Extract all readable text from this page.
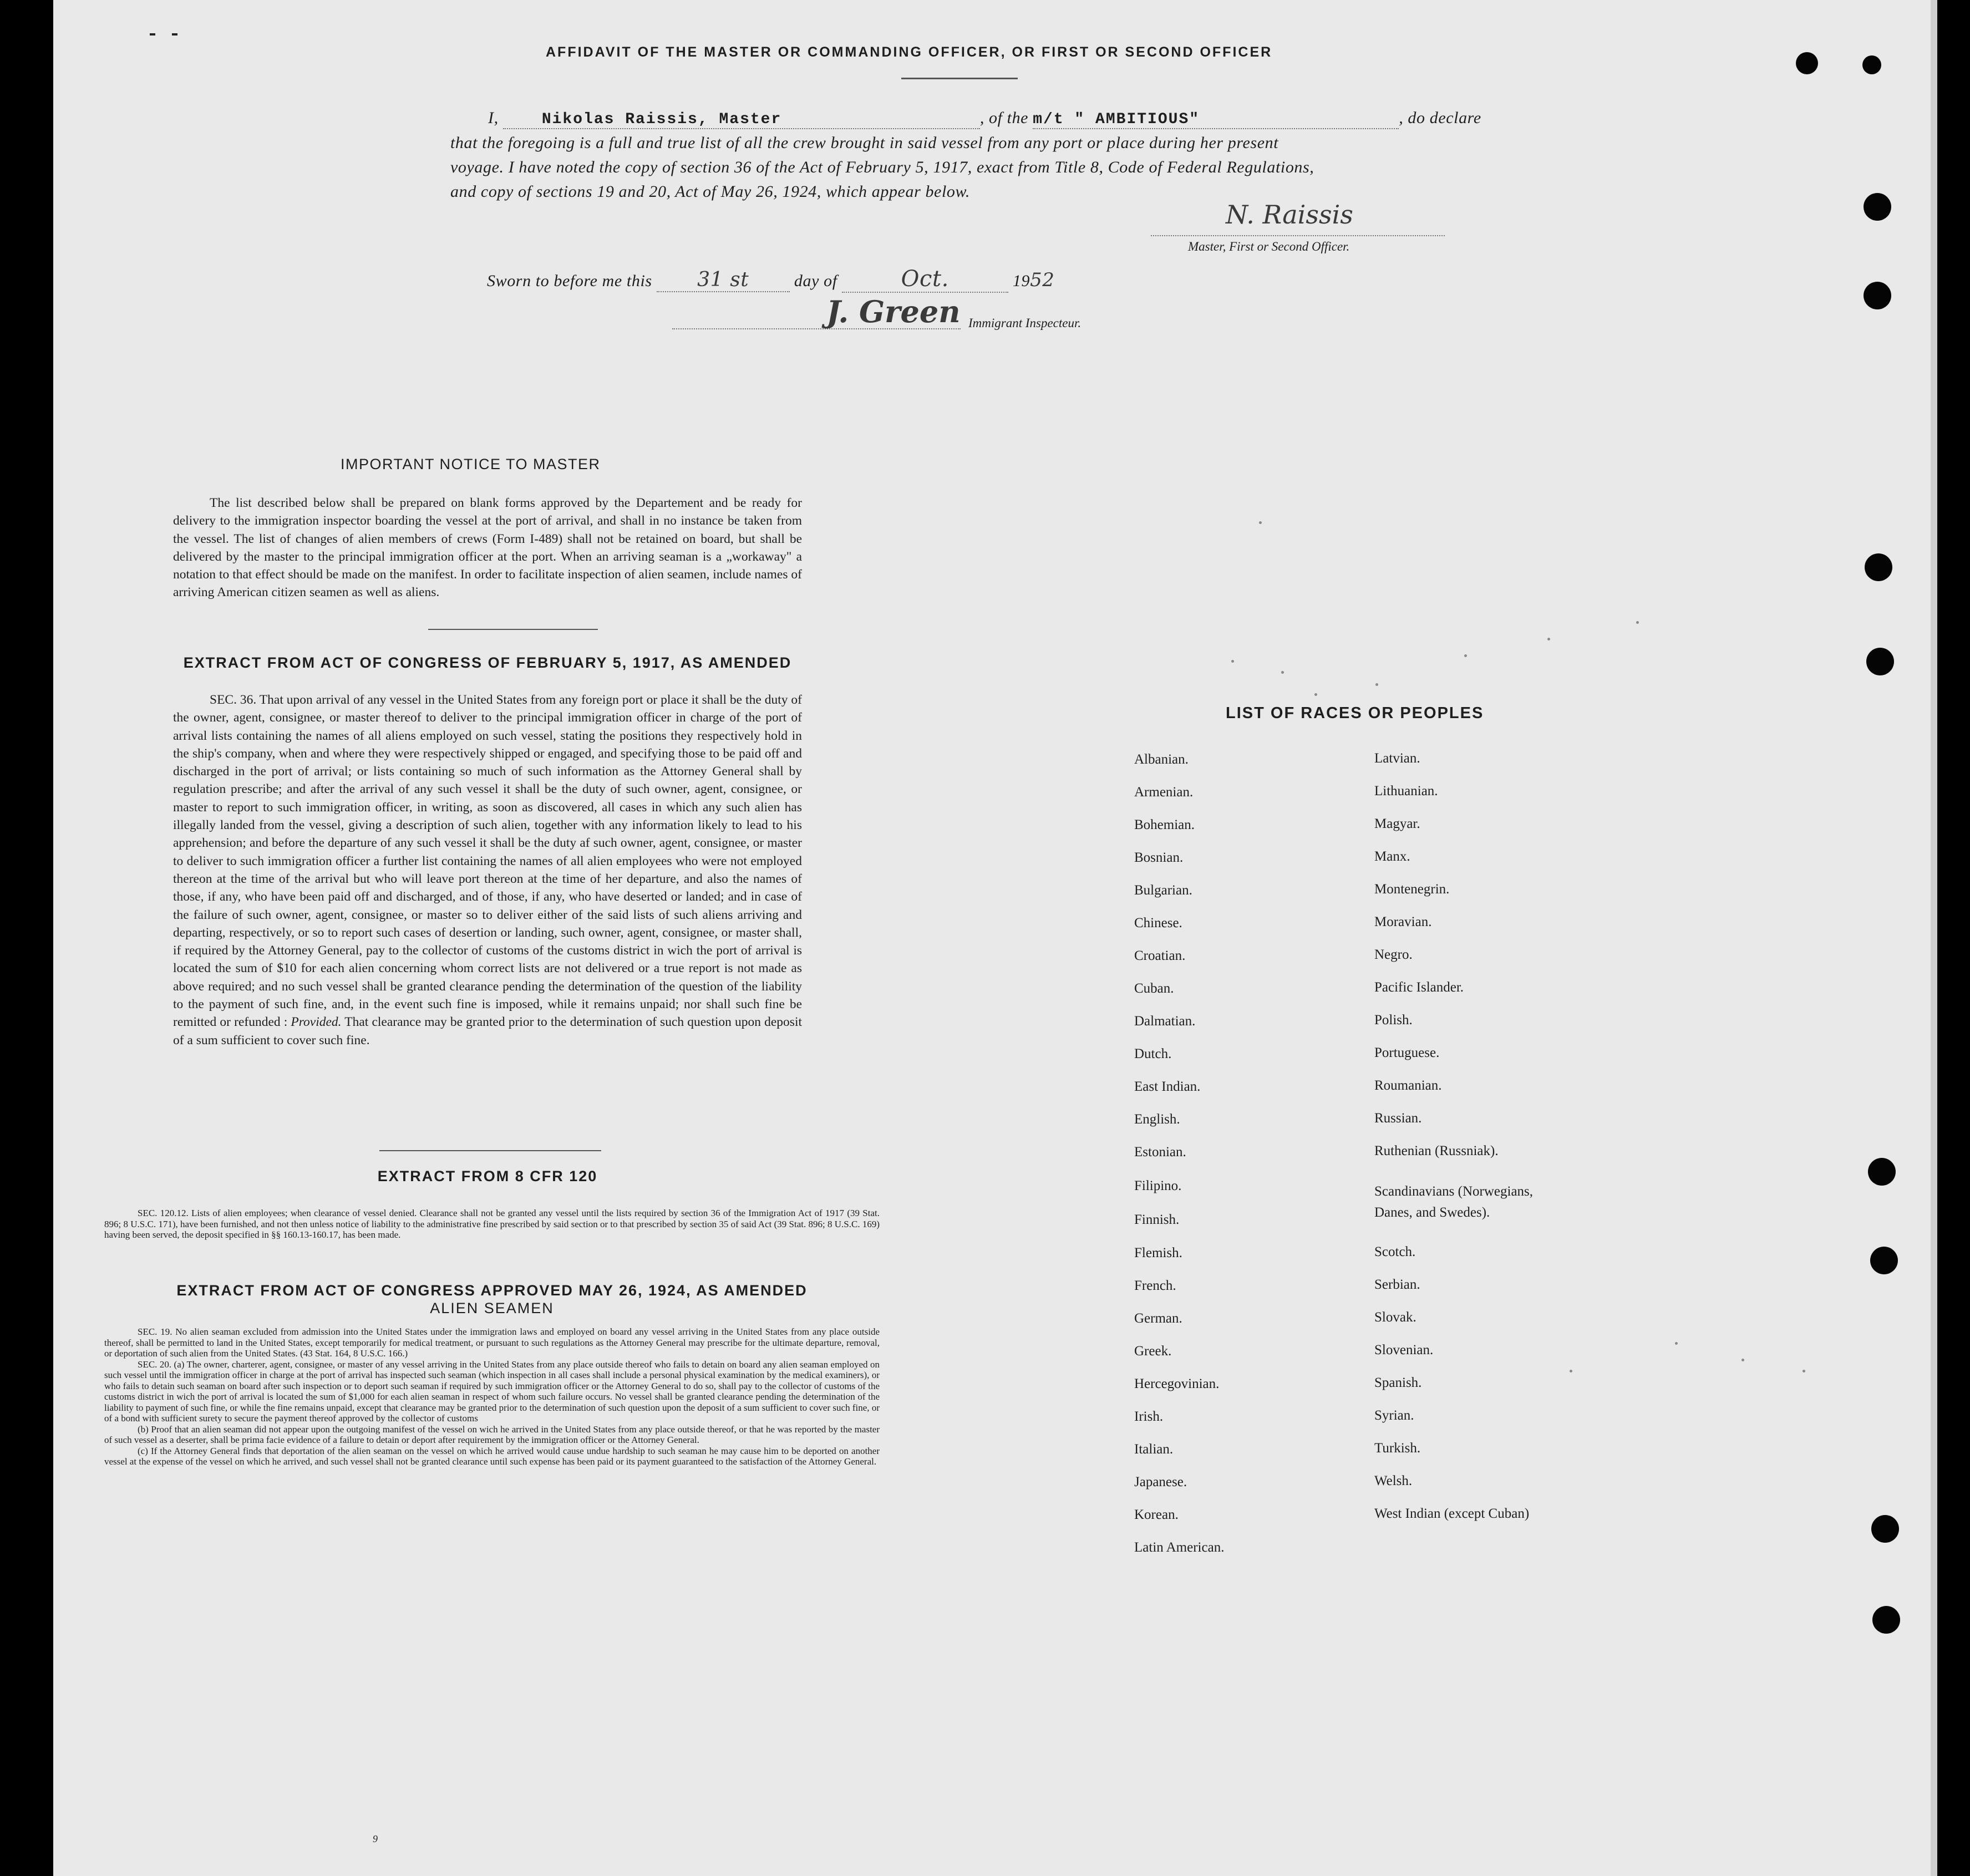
AFFIDAVIT OF THE MASTER OR COMMANDING OFFICER, OR FIRST OR SECOND OFFICER
I,	Nikolas Raissis, Master	, of the m/t " AMBITIOUS"	, do declare
that the foregoing is a full and true list of all the crew brought in said vessel from any port or place during her present
voyage. I have noted the copy of section 36 of the Act of February 5, 1917, exact from Title 8, Code of Federal Regulations,
and copy of sections 19 and 20, Act of May 26, 1924, which appear below.
N. Raissis
Master, First or Second Officer.
Sworn to before me this 31 st	day of	Oct.	1952
J. Green Immigrant Inspecteur.
IMPORTANT NOTICE TO MASTER

The list described below shall be prepared on blank forms approved by the Departement and be ready for delivery to the immigration inspector boarding the vessel at the port of arrival, and shall in no instance be taken from the vessel. The list of changes of alien members of crews (Form I-489) shall not be retained on board, but shall be delivered by the master to the principal immigration officer at the port. When an arriving seaman is a „workaway" a notation to that effect should be made on the manifest. In order to facilitate inspection of alien seamen, include names of arriving American citizen seamen as well as aliens.

EXTRACT FROM ACT OF CONGRESS OF FEBRUARY 5, 1917, AS AMENDED

SEC. 36. That upon arrival of any vessel in the United States from any foreign port or place it shall be the duty of the owner, agent, consignee, or master thereof to deliver to the principal immigration officer in charge of the port of arrival lists containing the names of all aliens employed on such vessel, stating the positions they respectively hold in the ship's company, when and where they were respectively shipped or engaged, and specifying those to be paid off and discharged in the port of arrival; or lists containing so much of such information as the Attorney General shall by regulation prescribe; and after the arrival of any such vessel it shall be the duty of such owner, agent, consignee, or master to report to such immigration officer, in writing, as soon as discovered, all cases in which any such alien has illegally landed from the vessel, giving a description of such alien, together with any information likely to lead to his apprehension; and before the departure of any such vessel it shall be the duty af such owner, agent, consignee, or master to deliver to such immigration officer a further list containing the names of all alien employees who were not employed thereon at the time of the arrival but who will leave port thereon at the time of her departure, and also the names of those, if any, who have been paid off and discharged, and of those, if any, who have deserted or landed; and in case of the failure of such owner, agent, consignee, or master so to deliver either of the said lists of such aliens arriving and departing, respectively, or so to report such cases of desertion or landing, such owner, agent, consignee, or master shall, if required by the Attorney General, pay to the collector of customs of the customs district in wich the port of arrival is located the sum of $10 for each alien concerning whom correct lists are not delivered or a true report is not made as above required; and no such vessel shall be granted clearance pending the determination of the question of the liability to the payment of such fine, and, in the event such fine is imposed, while it remains unpaid; nor shall such fine be remitted or refunded : Provided. That clearance may be granted prior to the determination of such question upon deposit of a sum sufficient to cover such fine.

EXTRACT FROM 8 CFR 120

SEC. 120.12. Lists of alien employees; when clearance of vessel denied. Clearance shall not be granted any vessel until the lists required by section 36 of the Immigration Act of 1917 (39 Stat. 896; 8 U.S.C. 171), have been furnished, and not then unless notice of liability to the administrative fine prescribed by said section or to that prescribed by section 35 of said Act (39 Stat. 896; 8 U.S.C. 169) having been served, the deposit specified in §§ 160.13-160.17, has been made.

EXTRACT FROM ACT OF CONGRESS APPROVED MAY 26, 1924, AS AMENDED
ALIEN SEAMEN

SEC. 19. No alien seaman excluded from admission into the United States under the immigration laws and employed on board any vessel arriving in the United States from any place outside thereof, shall be permitted to land in the United States, except temporarily for medical treatment, or pursuant to such regulations as the Attorney General may prescribe for the ultimate departure, removal, or deportation of such alien from the United States. (43 Stat. 164, 8 U.S.C. 166.)

SEC. 20. (a) The owner, charterer, agent, consignee, or master of any vessel arriving in the United States from any place outside thereof who fails to detain on board any alien seaman employed on such vessel until the immigration officer in charge at the port of arrival has inspected such seaman (which inspection in all cases shall include a personal physical examination by the medical examiners), or who fails to detain such seaman on board after such inspection or to deport such seaman if required by such immigration officer or the Attorney General to do so, shall pay to the collector of customs of the customs district in wich the port of arrival is located the sum of $1,000 for each alien seaman in respect of whom such failure occurs. No vessel shall be granted clearance pending the determination of the liability to payment of such fine, or while the fine remains unpaid, except that clearance may be granted prior to the determination of such question upon the deposit of a sum sufficient to cover such fine, or of a bond with sufficient surety to secure the payment thereof approved by the collector of customs

(b) Proof that an alien seaman did not appear upon the outgoing manifest of the vessel on wich he arrived in the United States from any place outside thereof, or that he was reported by the master of such vessel as a deserter, shall be prima facie evidence of a failure to detain or deport after requirement by the immigration officer or the Attorney General.

(c) If the Attorney General finds that deportation of the alien seaman on the vessel on which he arrived would cause undue hardship to such seaman he may cause him to be deported on another vessel at the expense of the vessel on which he arrived, and such vessel shall not be granted clearance until such expense has been paid or its payment guaranteed to the satisfaction of the Attorney General.

LIST OF RACES OR PEOPLES
Albanian.
Armenian.
Bohemian.
Bosnian.
Bulgarian.
Chinese.
Croatian.
Cuban.
Dalmatian.
Dutch.
East Indian.
English.
Estonian.
Filipino.
Finnish.
Flemish.
French.
German.
Greek.
Hercegovinian.
Irish.
Italian.
Japanese.
Korean.
Latin American.
Latvian.
Lithuanian.
Magyar.
Manx.
Montenegrin.
Moravian.
Negro.
Pacific Islander.
Polish.
Portuguese.
Roumanian.
Russian.
Ruthenian (Russniak).
Scandinavians (Norwegians, Danes, and Swedes).
Scotch.
Serbian.
Slovak.
Slovenian.
Spanish.
Syrian.
Turkish.
Welsh.
West Indian (except Cuban)
9
